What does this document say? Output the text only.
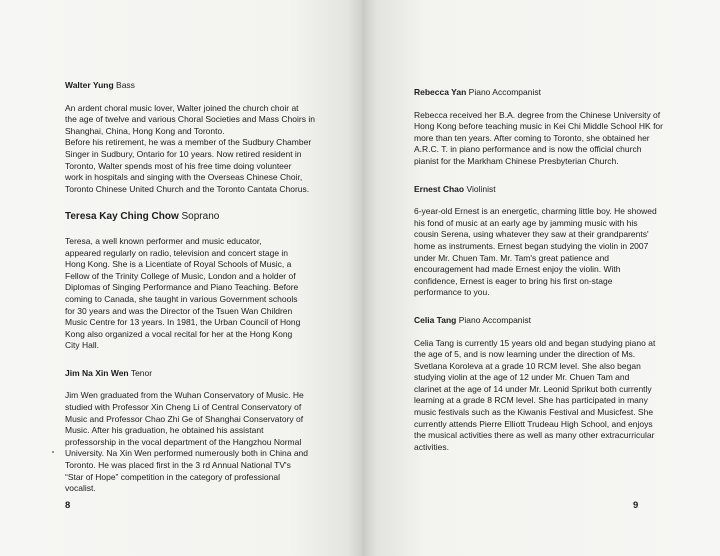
Walter Yung Bass
An ardent choral music lover, Walter joined the church choir at
the age of twelve and various Choral Societies and Mass Choirs in
Shanghai, China, Hong Kong and Toronto.
Before his retirement, he was a member of the Sudbury Chamber
Singer in Sudbury, Ontario for 10 years. Now retired resident in
Toronto, Walter spends most of his free time doing volunteer
work in hospitals and singing with the Overseas Chinese Choir,
Toronto Chinese United Church and the Toronto Cantata Chorus.
Teresa Kay Ching Chow Soprano
Teresa, a well known performer and music educator,
appeared regularly on radio, television and concert stage in
Hong Kong. She is a Licentiate of Royal Schools of Music, a
Fellow of the Trinity College of Music, London and a holder of
Diplomas of Singing Performance and Piano Teaching. Before
coming to Canada, she taught in various Government schools
for 30 years and was the Director of the Tsuen Wan Children
Music Centre for 13 years. In 1981, the Urban Council of Hong
Kong also organized a vocal recital for her at the Hong Kong
City Hall.
Jim Na Xin Wen Tenor
Jim Wen graduated from the Wuhan Conservatory of Music. He
studied with Professor Xin Cheng Li of Central Conservatory of
Music and Professor Chao Zhi Ge of Shanghai Conservatory of
Music. After his graduation, he obtained his assistant
professorship in the vocal department of the Hangzhou Normal
University. Na Xin Wen performed numerously both in China and
Toronto. He was placed first in the 3 rd Annual National TV's
“Star of Hope” competition in the category of professional
vocalist.
8
Rebecca Yan Piano Accompanist
Rebecca received her B.A. degree from the Chinese University of
Hong Kong before teaching music in Kei Chi Middle School HK for
more than ten years. After coming to Toronto, she obtained her
A.R.C. T. in piano performance and is now the official church
pianist for the Markham Chinese Presbyterian Church.
Ernest Chao Violinist
6-year-old Ernest is an energetic, charming little boy. He showed
his fond of music at an early age by jamming music with his
cousin Serena, using whatever they saw at their grandparents'
home as instruments. Ernest began studying the violin in 2007
under Mr. Chuen Tam. Mr. Tam's great patience and
encouragement had made Ernest enjoy the violin. With
confidence, Ernest is eager to bring his first on-stage
performance to you.
Celia Tang Piano Accompanist
Celia Tang is currently 15 years old and began studying piano at
the age of 5, and is now learning under the direction of Ms.
Svetlana Koroleva at a grade 10 RCM level. She also began
studying violin at the age of 12 under Mr. Chuen Tam and
clarinet at the age of 14 under Mr. Leonid Sprikut both currently
learning at a grade 8 RCM level. She has participated in many
music festivals such as the Kiwanis Festival and Musicfest. She
currently attends Pierre Elliott Trudeau High School, and enjoys
the musical activities there as well as many other extracurricular
activities.
9
